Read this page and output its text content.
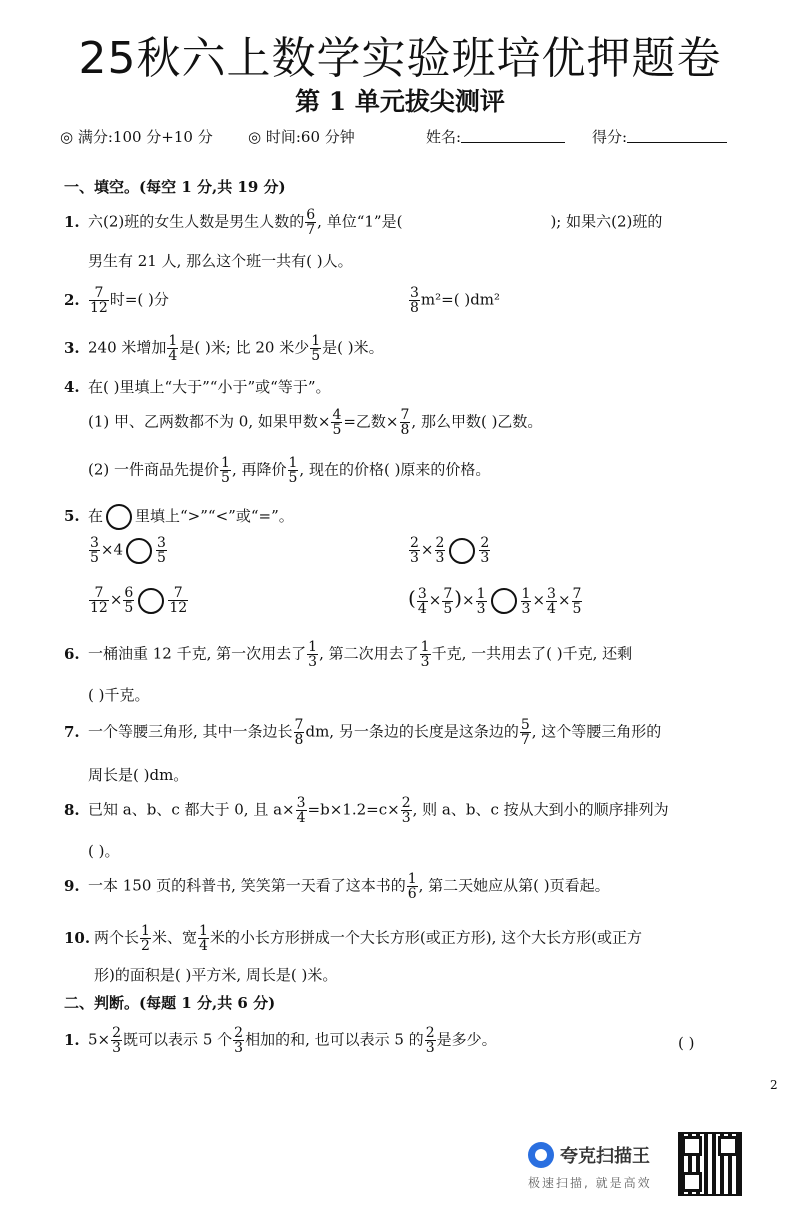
25秋六上数学实验班培优押题卷
第 1 单元拔尖测评
◎ 满分:100 分+10 分 ◎ 时间:60 分钟	姓名:	得分:
一、填空。(每空 1 分,共 19 分)
1. 六(2)班的女生人数是男生人数的 $\frac{6}{7}$ , 单位“1”是(	); 如果六(2)班的
男生有 21 人, 那么这个班一共有( )人。
2. $\frac{7}{12}$ 时=( )分	$\frac{3}{8} m^2=$( )dm²
3. 240 米增加 $\frac{1}{4}$ 是( )米; 比 20 米少 $\frac{1}{5}$ 是( )米。
4. 在( )里填上“大于”“小于”或“等于”。
(1) 甲、乙两数都不为 0, 如果甲数× $\frac{4}{5}$ =乙数× $\frac{7}{8}$ , 那么甲数( )乙数。
(2) 一件商品先提价 $\frac{1}{5}$ , 再降价 $\frac{1}{5}$ , 现在的价格( )原来的价格。
5. 在 里填上“>”“<”或“=”。
$\frac{3}{5} \times 4 \frac{3}{5}$	$\frac{2}{3} \times \frac{2}{3} \frac{2}{3}$
$\frac{7}{12} \times \frac{6}{5} \frac{7}{12}$	( $\frac{3}{4} \times \frac{7}{5}$ )× $\frac{1}{3} \frac{1}{3} \times \frac{3}{4} \times \frac{7}{5}$
6. 一桶油重 12 千克, 第一次用去了 $\frac{1}{3}$ , 第二次用去了 $\frac{1}{3}$ 千克, 一共用去了( )千克, 还剩
( )千克。
7. 一个等腰三角形, 其中一条边长 $\frac{7}{8}$ dm, 另一条边的长度是这条边的 $\frac{5}{7}$ , 这个等腰三角形的
周长是( )dm。
8. 已知 a、b、c 都大于 0, 且 $a\times \frac{3}{4} =b\times 1.2=c\times \frac{2}{3}$ , 则 a、b、c 按从大到小的顺序排列为
( )。
9. 一本 150 页的科普书, 笑笑第一天看了这本书的 $\frac{1}{6}$ , 第二天她应从第( )页看起。
10. 两个长 $\frac{1}{2}$ 米、宽 $\frac{1}{4}$ 米的小长方形拼成一个大长方形(或正方形), 这个大长方形(或正方
形)的面积是( )平方米, 周长是( )米。
二、判断。(每题 1 分,共 6 分)
1. $5\times \frac{2}{3}$ 既可以表示 5 个 $\frac{2}{3}$ 相加的和, 也可以表示 5 的 $\frac{2}{3}$ 是多少。	( )
2
夸克扫描王
极速扫描, 就是高效
